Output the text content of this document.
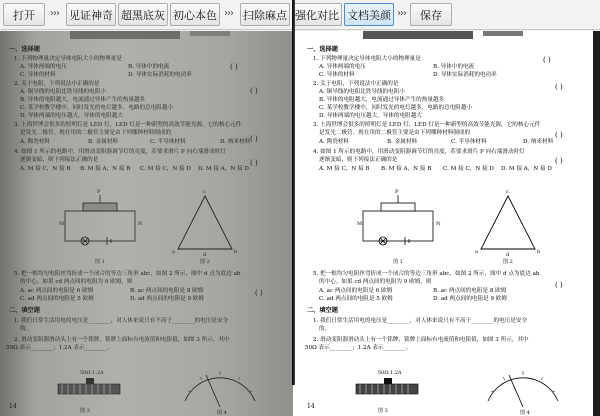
打开	››› 见证神奇 超黑底灰 初心本色 ››› 扫除麻点 强化对比 文档美颜 ›››	保存
一、选择题
1. 下列物理量决定导体电阻大小的物理量是
( )
A. 导体两端的电压	B. 导体中的电流
C. 导体的材料	D. 导体实际消耗的电功率
2. 关于电阻，下列说法中正确的是
( )
A. 铜导线的电阻比铁导线的电阻小
B. 导体的电阻越大，电流通过导体产生的热量越多
C. 某学校教学楼中，同时发光的电灯越多，电路的总电阻越小
D. 导体两端的电压越大，导体的电阻越大
3. 上海世博会很多的照明灯是 LED 灯，LED 灯是一种新型的高效节能光源，它的核心元件
是发光二极管。现在用的二极管主要是由下列哪种材料制成的
( )
A. 陶瓷材料	B. 金属材料	C. 半导体材料	D. 纳米材料
4. 如图 1 所示的电路中，用滑动变阻器调节灯的亮度，若要求滑片 P 向右端滑动时灯
逐渐变暗，则下列接法正确的是	( )
A. M 接 C，N 接 B B. M 接 A，N 接 B C. M 接 C，N 接 D D. M 接 A，N 接 D
P
M	N
图 1
c
a	d	b
图 2
5. 把一根均匀电阻丝弯折成一个闭合的等边三角形 abc，如图 2 所示，图中 d 点为底边 ab
的中心。如果 cd 两点间的电阻为 9 欧姆，则
( )
A. ac 两点间的电阻是 6 欧姆	B. ac 两点间的电阻是 8 欧姆
C. ad 两点间的电阻是 5 欧姆	D. ad 两点间的电阻是 9 欧姆
二、填空题
1. 我们日常生活用电的电压是________，对人体来说只有不高于________的电压是安全
的。
2. 滑动变阻器滑动头上有一个铭牌，铭牌上面标有电流值和电阻值，如图 3 所示，其中
50Ω 表示________；1.2A 表示________。
50Ω 1.2A
图 3	图 4
14
一、选择题
1. 下列物理量决定导体电阻大小的物理量是	( )
A. 导体两端的电压	B. 导体中的电流
C. 导体的材料	D. 导体实际消耗的电功率
2. 关于电阻，下列说法中正确的是	( )
A. 铜导线的电阻比铁导线的电阻小
B. 导体的电阻越大，电流通过导体产生的热量越多
C. 某学校教学楼中，同时发光的电灯越多，电路的总电阻越小
D. 导体两端的电压越大，导体的电阻越大
3. 上海世博会很多的照明灯是 LED 灯，LED 灯是一种新型的高效节能光源，它的核心元件
是发光二极管。现在用的二极管主要是由下列哪种材料制成的	( )
A. 陶瓷材料	B. 金属材料	C. 半导体材料	D. 纳米材料
4. 如图 1 所示的电路中，用滑动变阻器调节灯的亮度，若要求滑片 P 向右端滑动时灯
逐渐变暗，则下列接法正确的是	( )
A. M 接 C，N 接 B B. M 接 A，N 接 B C. M 接 C，N 接 D D. M 接 A，N 接 D
P
M	N
图 1
c
a	d	b
图 2
5. 把一根均匀电阻丝弯折成一个闭合的等边三角形 abc，如图 2 所示，图中 d 点为底边 ab
的中心。如果 cd 两点间的电阻为 9 欧姆，则	( )
A. ac 两点间的电阻是 6 欧姆	B. ac 两点间的电阻是 8 欧姆
C. ad 两点间的电阻是 5 欧姆	D. ad 两点间的电阻是 9 欧姆
二、填空题
1. 我们日常生活用电的电压是________，对人体来说只有不高于________的电压是安全
的。
2. 滑动变阻器滑动头上有一个铭牌，铭牌上面标有电流值和电阻值，如图 3 所示，其中
50Ω 表示________；1.2A 表示________。
50Ω 1.2A
图 3	图 4
14
